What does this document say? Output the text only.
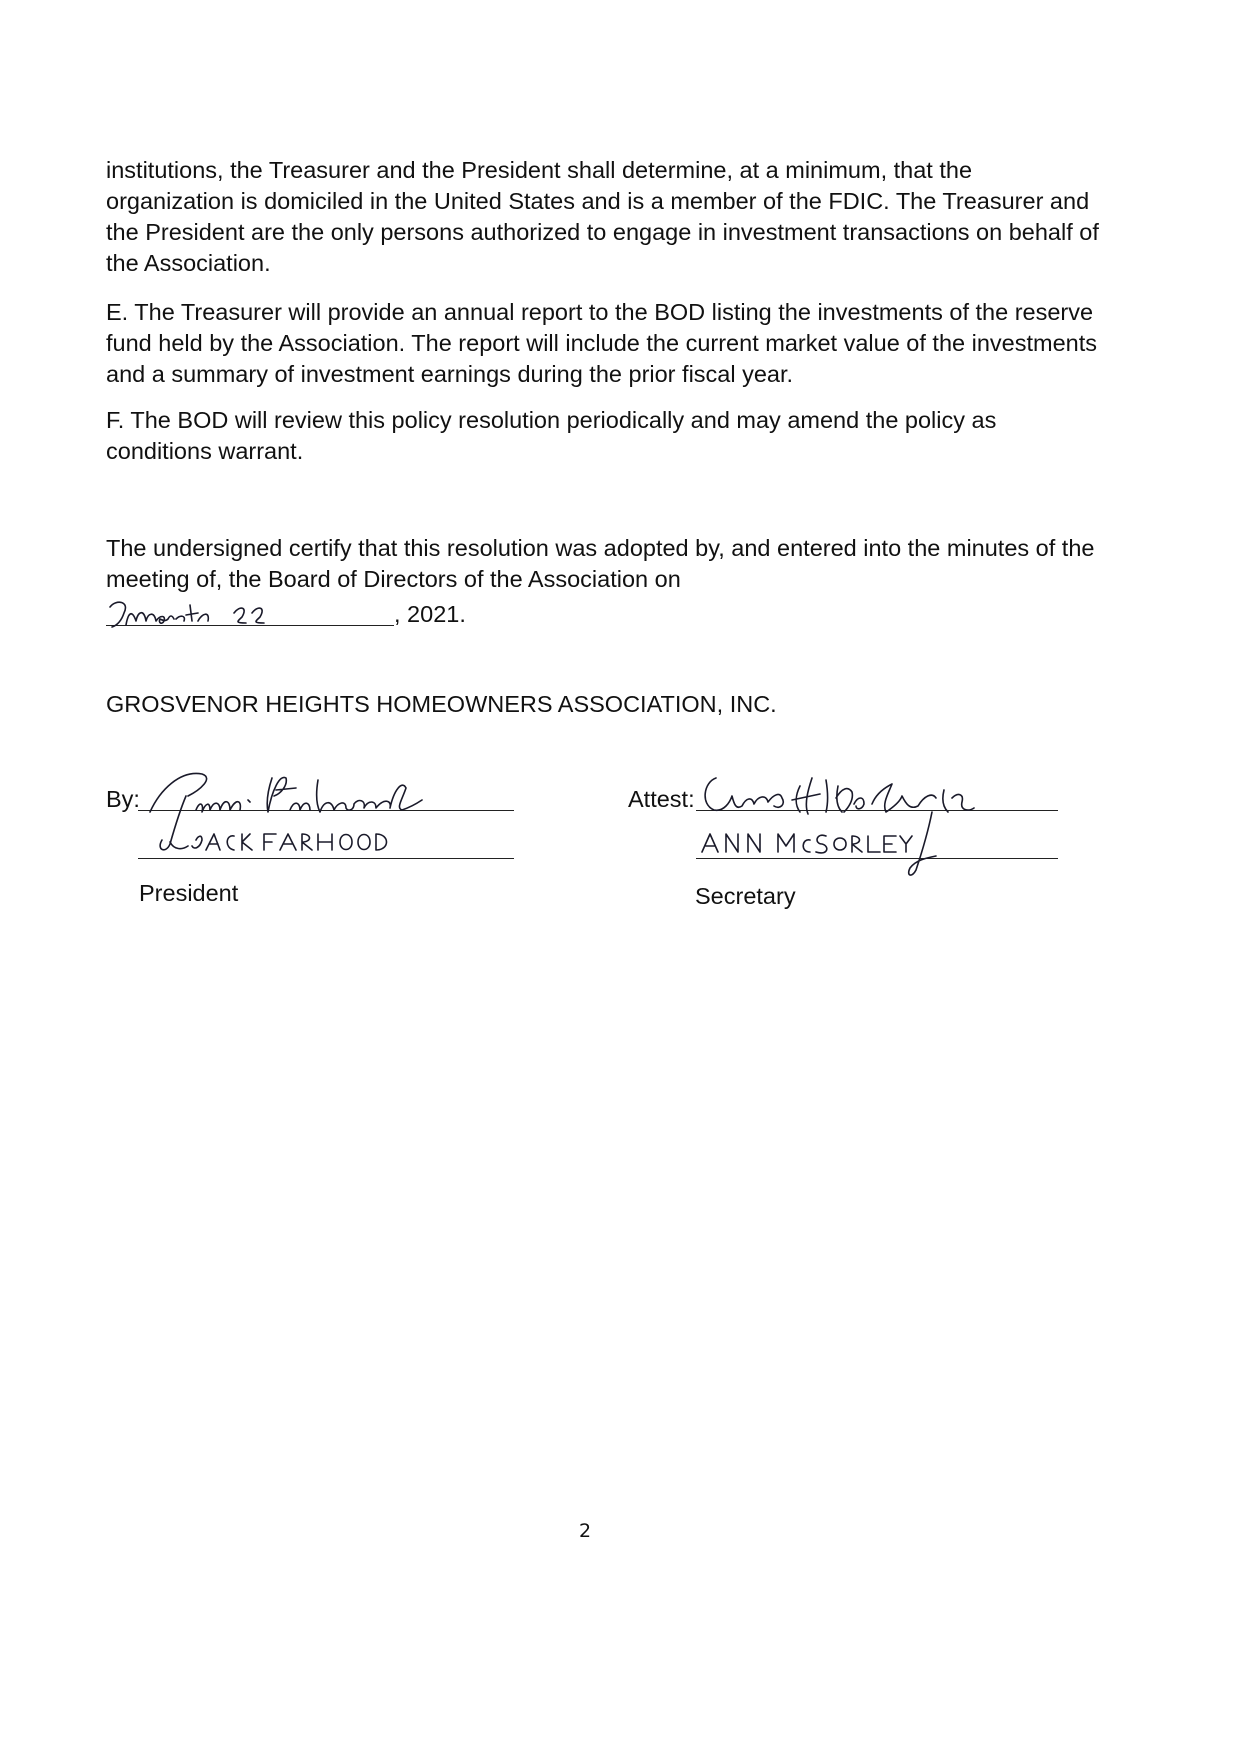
institutions, the Treasurer and the President shall determine, at a minimum, that the organization is domiciled in the United States and is a member of the FDIC. The Treasurer and the President are the only persons authorized to engage in investment transactions on behalf of the Association.

E. The Treasurer will provide an annual report to the BOD listing the investments of the reserve fund held by the Association. The report will include the current market value of the investments and a summary of investment earnings during the prior fiscal year.

F. The BOD will review this policy resolution periodically and may amend the policy as conditions warrant.

The undersigned certify that this resolution was adopted by, and entered into the minutes of the meeting of, the Board of Directors of the Association on

, 2021.
GROSVENOR HEIGHTS HOMEOWNERS ASSOCIATION, INC.
By:	Attest:
President	Secretary
2
